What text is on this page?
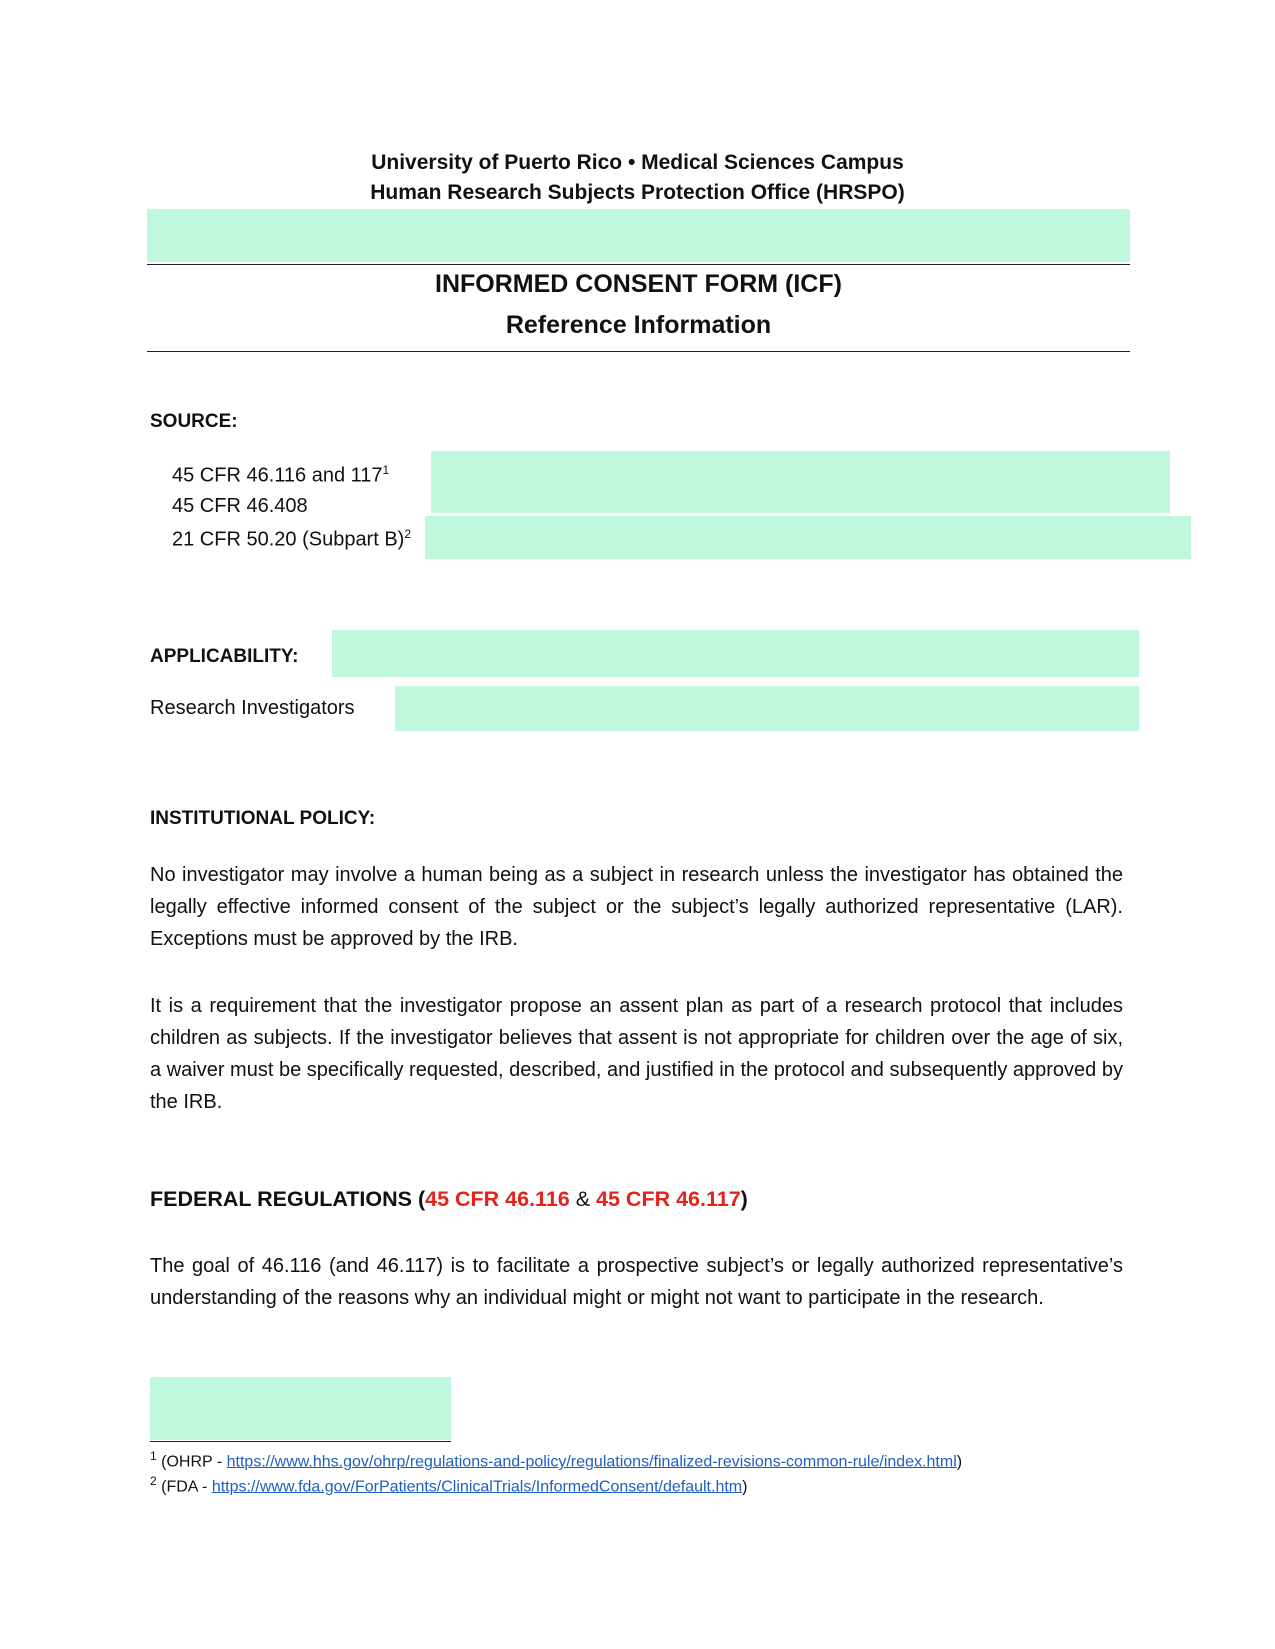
University of Puerto Rico • Medical Sciences Campus
Human Research Subjects Protection Office (HRSPO)
INFORMED CONSENT FORM (ICF)
Reference Information
SOURCE:
45 CFR 46.116 and $117^1$
45 CFR 46.408
21 CFR 50.20 (Subpart B)$^2$
APPLICABILITY:
Research Investigators
INSTITUTIONAL POLICY:
No investigator may involve a human being as a subject in research unless the investigator has obtained the legally effective informed consent of the subject or the subject’s legally authorized representative (LAR). Exceptions must be approved by the IRB.
It is a requirement that the investigator propose an assent plan as part of a research protocol that includes children as subjects. If the investigator believes that assent is not appropriate for children over the age of six, a waiver must be specifically requested, described, and justified in the protocol and subsequently approved by the IRB.
FEDERAL REGULATIONS (45 CFR 46.116 & 45 CFR 46.117)
The goal of 46.116 (and 46.117) is to facilitate a prospective subject’s or legally authorized representative’s understanding of the reasons why an individual might or might not want to participate in the research.
$^1$ (OHRP - https://www.hhs.gov/ohrp/regulations-and-policy/regulations/finalized-revisions-common-rule/index.html)
$^2$ (FDA - https://www.fda.gov/ForPatients/ClinicalTrials/InformedConsent/default.htm)
